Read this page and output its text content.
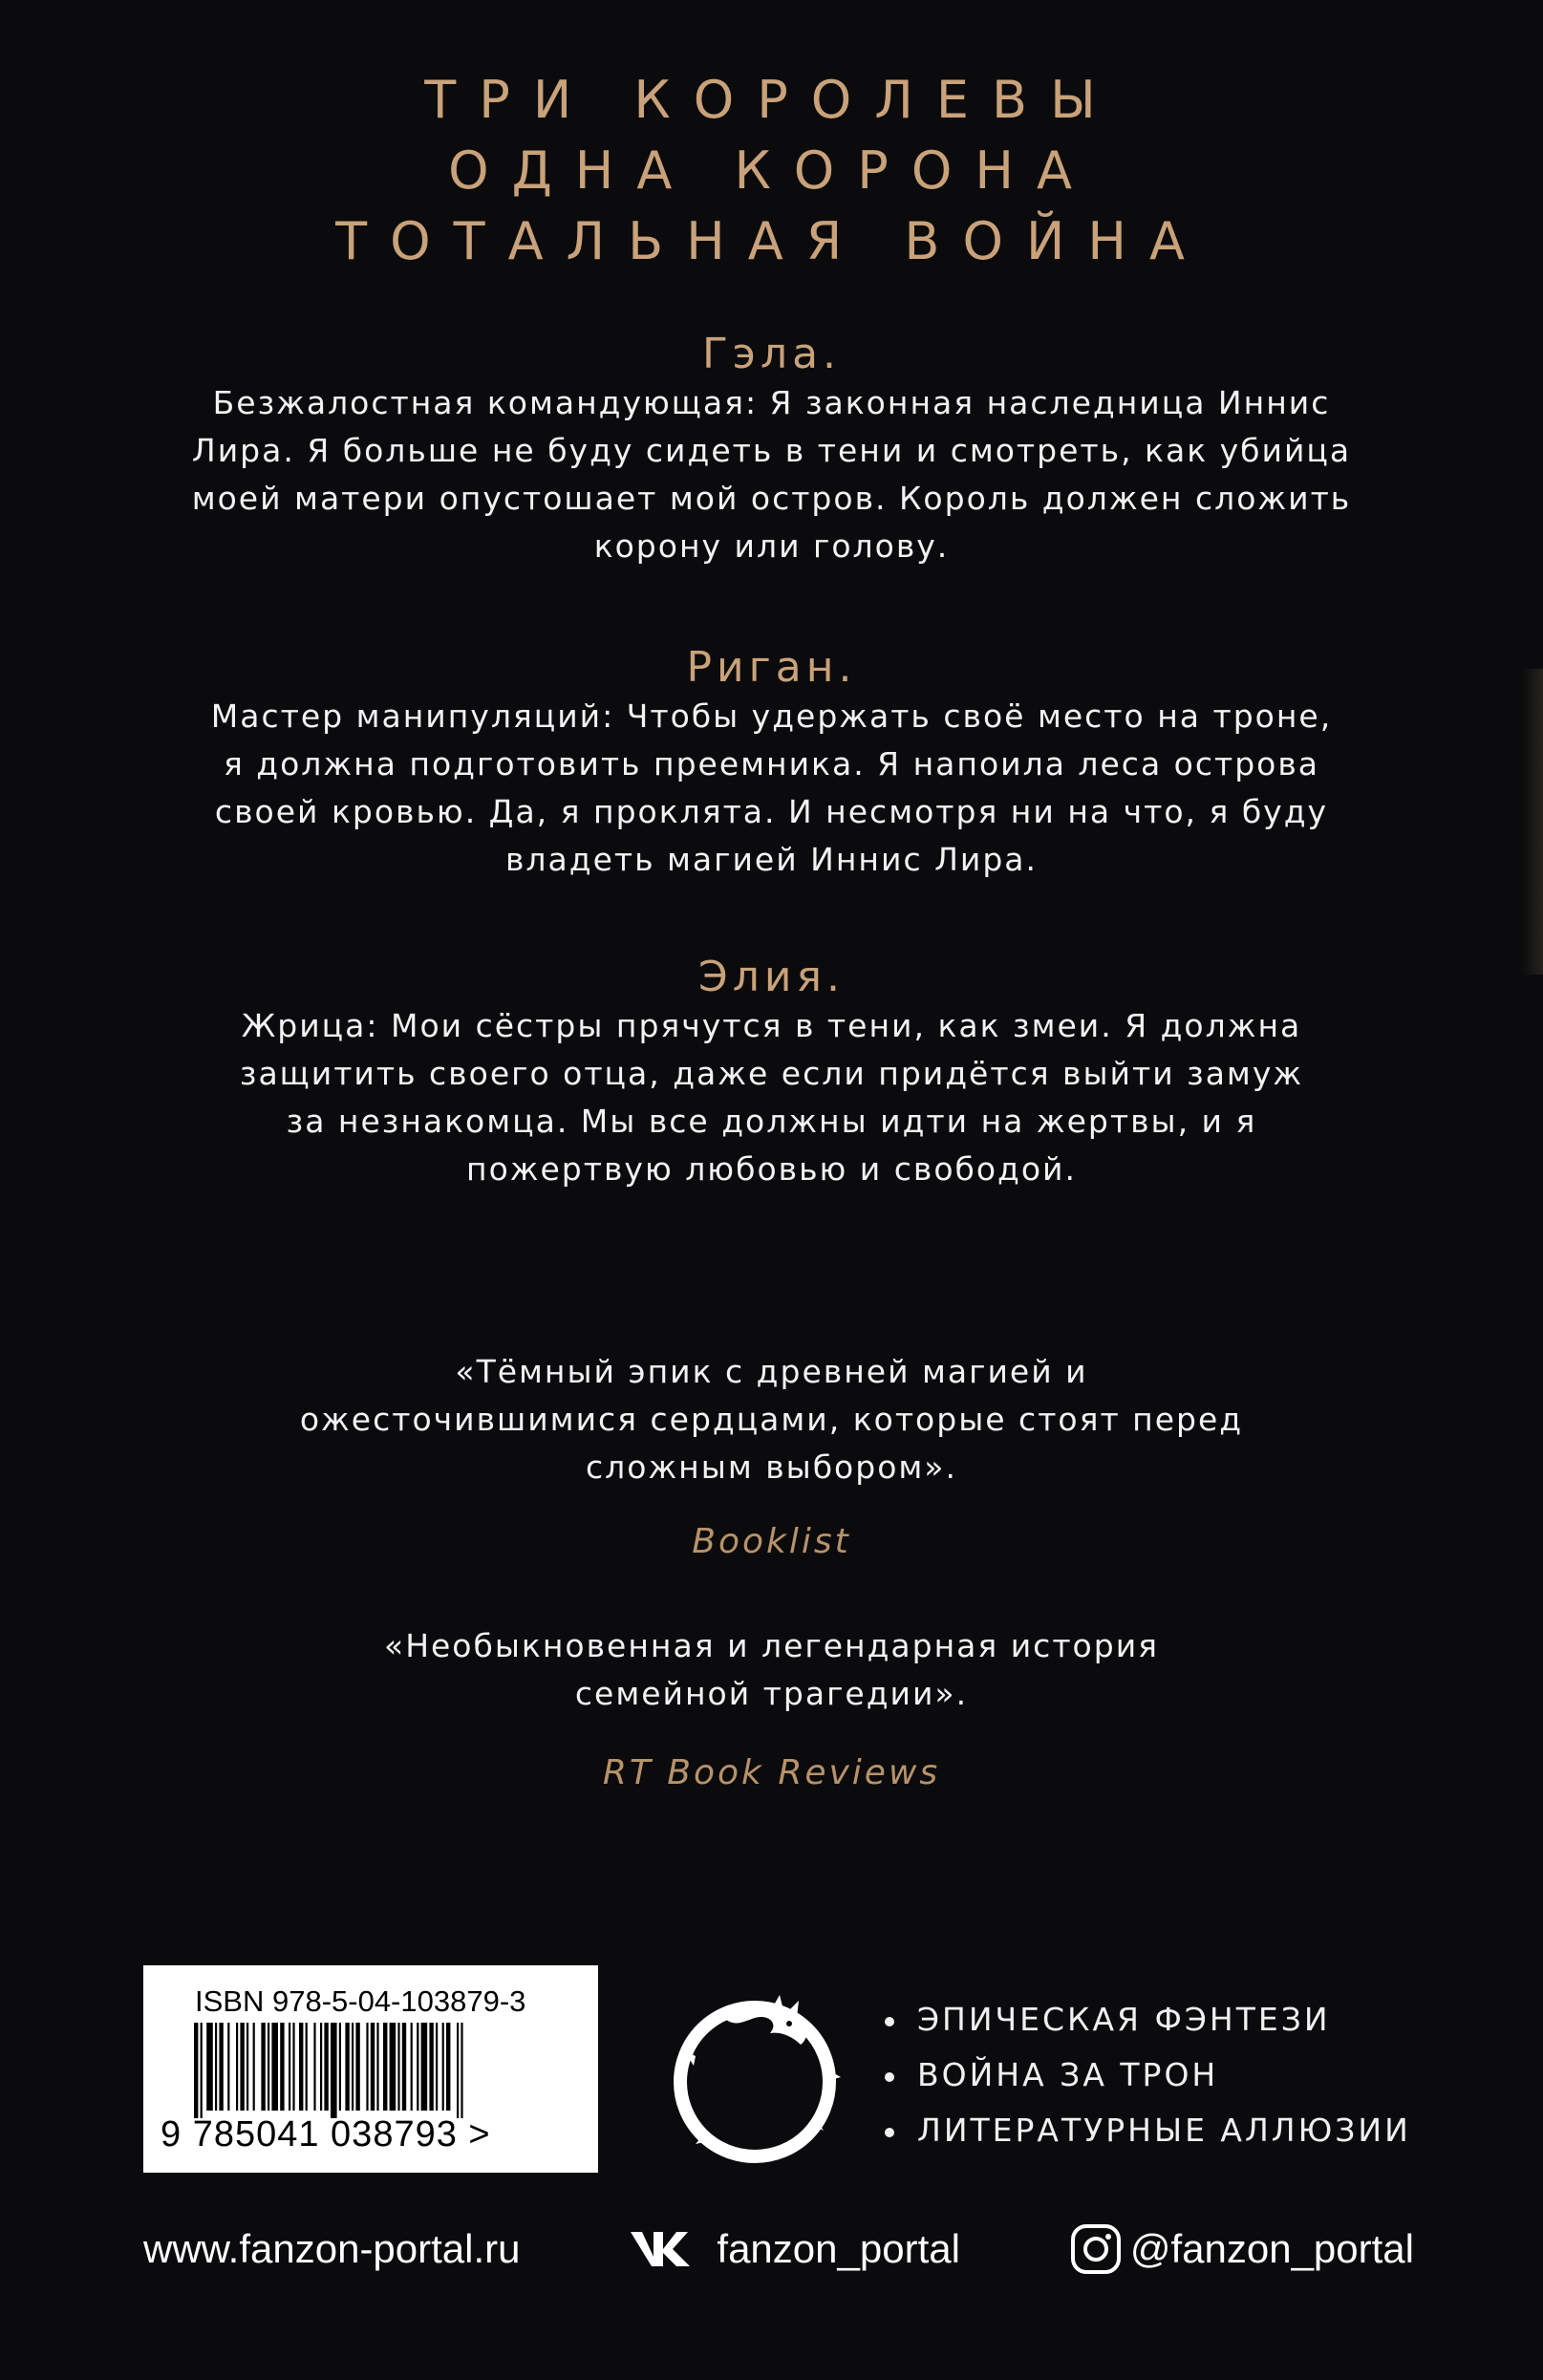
ТРИ КОРОЛЕВЫ
ОДНА КОРОНА
ТОТАЛЬНАЯ ВОЙНА
Гэла.

Безжалостная командующая: Я законная наследница Иннис
Лира. Я больше не буду сидеть в тени и смотреть, как убийца
моей матери опустошает мой остров. Король должен сложить
корону или голову.

Риган.

Мастер манипуляций: Чтобы удержать своё место на троне,
я должна подготовить преемника. Я напоила леса острова
своей кровью. Да, я проклята. И несмотря ни на что, я буду
владеть магией Иннис Лира.

Элия.

Жрица: Мои сёстры прячутся в тени, как змеи. Я должна
защитить своего отца, даже если придётся выйти замуж
за незнакомца. Мы все должны идти на жертвы, и я
пожертвую любовью и свободой.

«Тёмный эпик с древней магией и
ожесточившимися сердцами, которые стоят перед
сложным выбором».

Booklist

«Необыкновенная и легендарная история
семейной трагедии».

RT Book Reviews
ISBN 978-5-04-103879-3
9 785041 038793 >
ЭПИЧЕСКАЯ ФЭНТЕЗИ
ВОЙНА ЗА ТРОН
ЛИТЕРАТУРНЫЕ АЛЛЮЗИИ
www.fanzon-portal.ru	fanzon_portal	@fanzon_portal
